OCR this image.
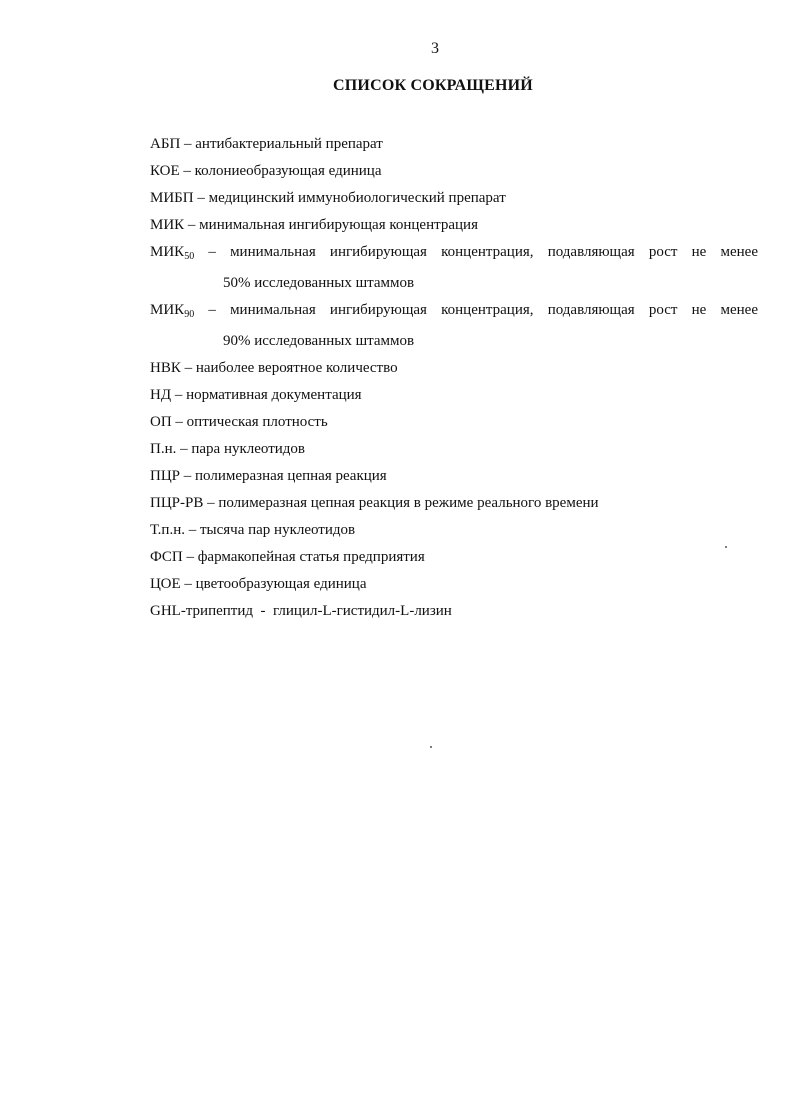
3
СПИСОК СОКРАЩЕНИЙ
АБП – антибактериальный препарат
КОЕ – колониеобразующая единица
МИБП – медицинский иммунобиологический препарат
МИК – минимальная ингибирующая концентрация
$МИК_{50}$ – минимальная ингибирующая концентрация, подавляющая рост не менее
50% исследованных штаммов
$МИК_{90}$ – минимальная ингибирующая концентрация, подавляющая рост не менее
90% исследованных штаммов
НВК – наиболее вероятное количество
НД – нормативная документация
ОП – оптическая плотность
П.н. – пара нуклеотидов
ПЦР – полимеразная цепная реакция
ПЦР-РВ – полимеразная цепная реакция в режиме реального времени
Т.п.н. – тысяча пар нуклеотидов
ФСП – фармакопейная статья предприятия
ЦОЕ – цветообразующая единица
GHL-трипептид  -  глицил-L-гистидил-L-лизин
